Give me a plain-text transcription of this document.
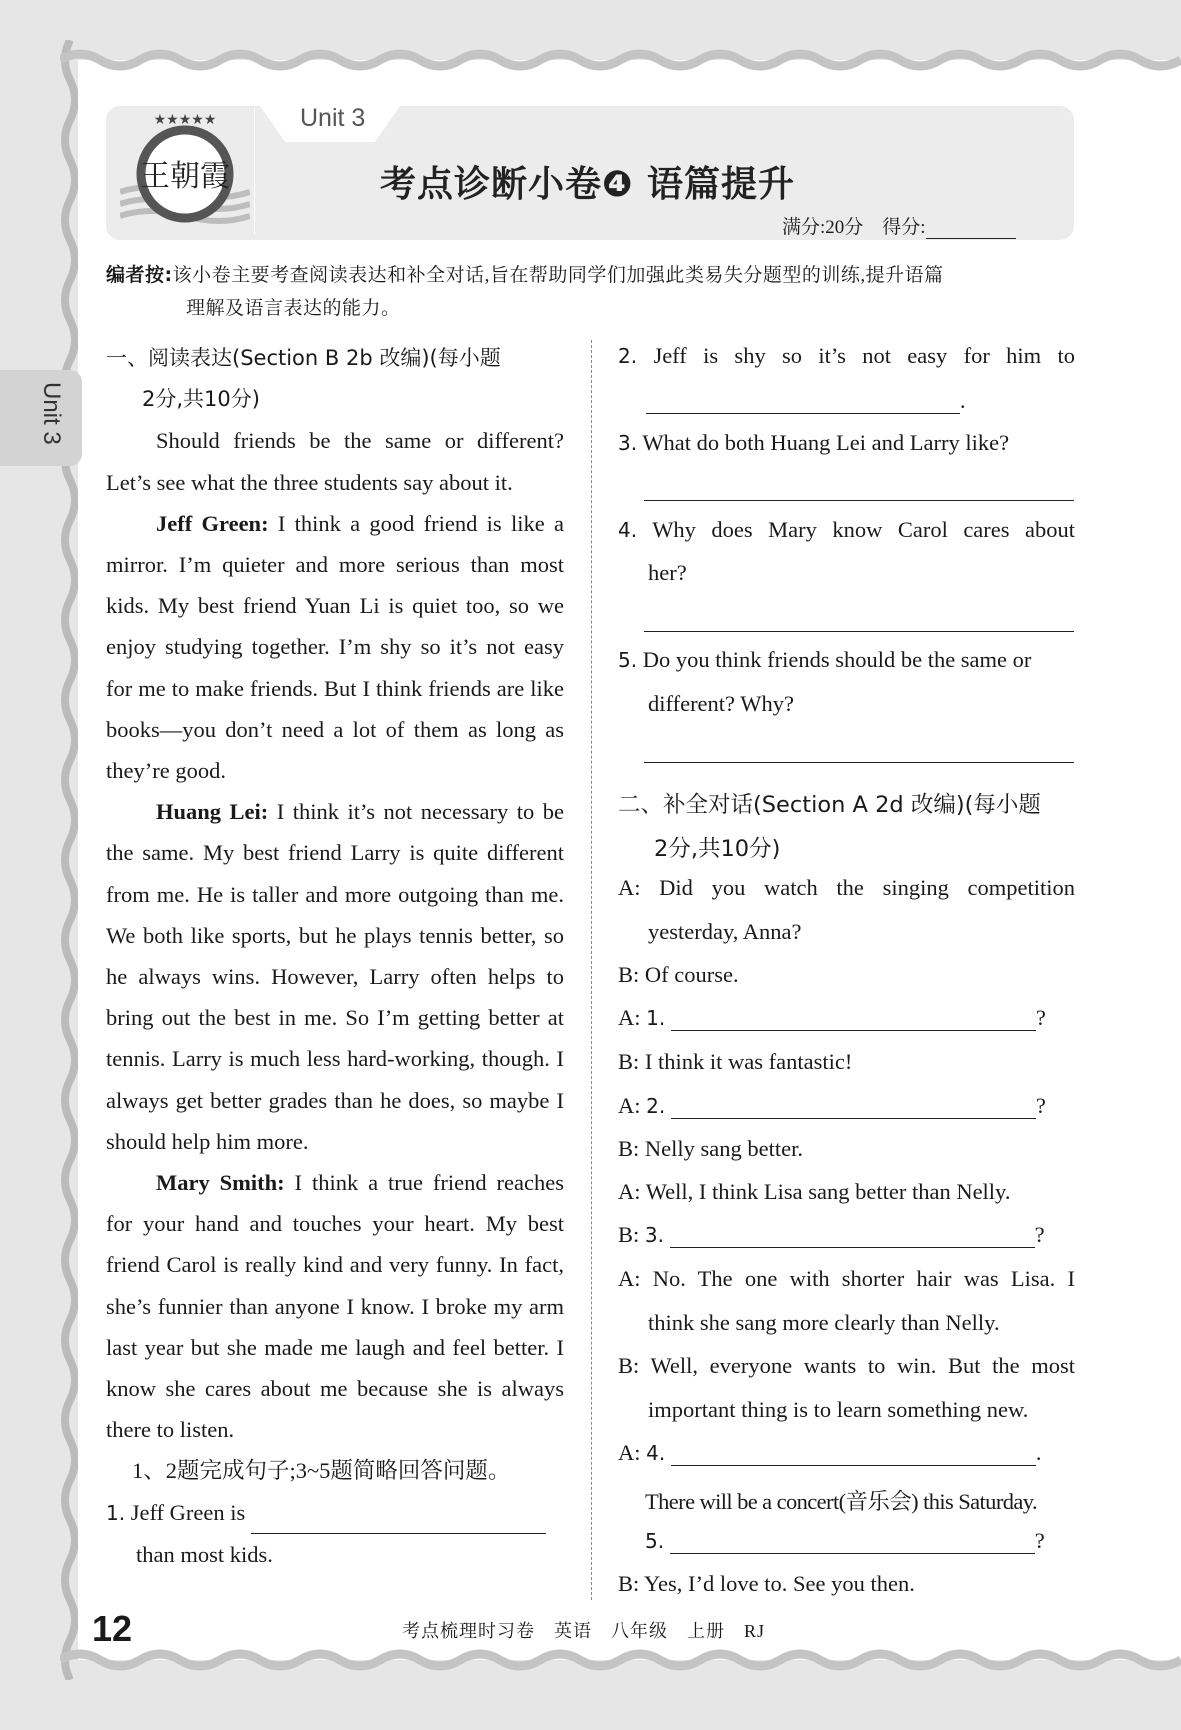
★★★★★
王朝霞
Unit 3
考点诊断小卷❹ 语篇提升
满分:20分  得分:
编者按:该小卷主要考查阅读表达和补全对话,旨在帮助同学们加强此类易失分题型的训练,提升语篇
理解及语言表达的能力。
Unit 3
一、阅读表达(Section B 2b 改编)(每小题
2分,共10分)

Should friends be the same or different? Let’s see what the three students say about it.

Jeff Green: I think a good friend is like a mirror. I’m quieter and more serious than most kids. My best friend Yuan Li is quiet too, so we enjoy studying together. I’m shy so it’s not easy for me to make friends. But I think friends are like books—you don’t need a lot of them as long as they’re good.

Huang Lei: I think it’s not necessary to be the same. My best friend Larry is quite different from me. He is taller and more outgoing than me. We both like sports, but he plays tennis better, so he always wins. However, Larry often helps to bring out the best in me. So I’m getting better at tennis. Larry is much less hard-working, though. I always get better grades than he does, so maybe I should help him more.

Mary Smith: I think a true friend reaches for your hand and touches your heart. My best friend Carol is really kind and very funny. In fact, she’s funnier than anyone I know. I broke my arm last year but she made me laugh and feel better. I know she cares about me because she is always there to listen.

1、2题完成句子;3~5题简略回答问题。

1. Jeff Green is
than most kids.

2. Jeff is shy so it’s not easy for him to
.
3. What do both Huang Lei and Larry like?
4. Why does Mary know Carol cares about
her?
5. Do you think friends should be the same or
different? Why?
二、补全对话(Section A 2d 改编)(每小题
2分,共10分)
A: Did you watch the singing competition
yesterday, Anna?
B: Of course.
A: 1.	?
B: I think it was fantastic!
A: 2.	?
B: Nelly sang better.
A: Well, I think Lisa sang better than Nelly.
B: 3.	?
A: No. The one with shorter hair was Lisa. I
think she sang more clearly than Nelly.
B: Well, everyone wants to win. But the most
important thing is to learn something new.
A: 4.	.
There will be a concert(音乐会) this Saturday.
5.	?
B: Yes, I’d love to. See you then.
12	考点梳理时习卷　英语　八年级　上册　RJ
